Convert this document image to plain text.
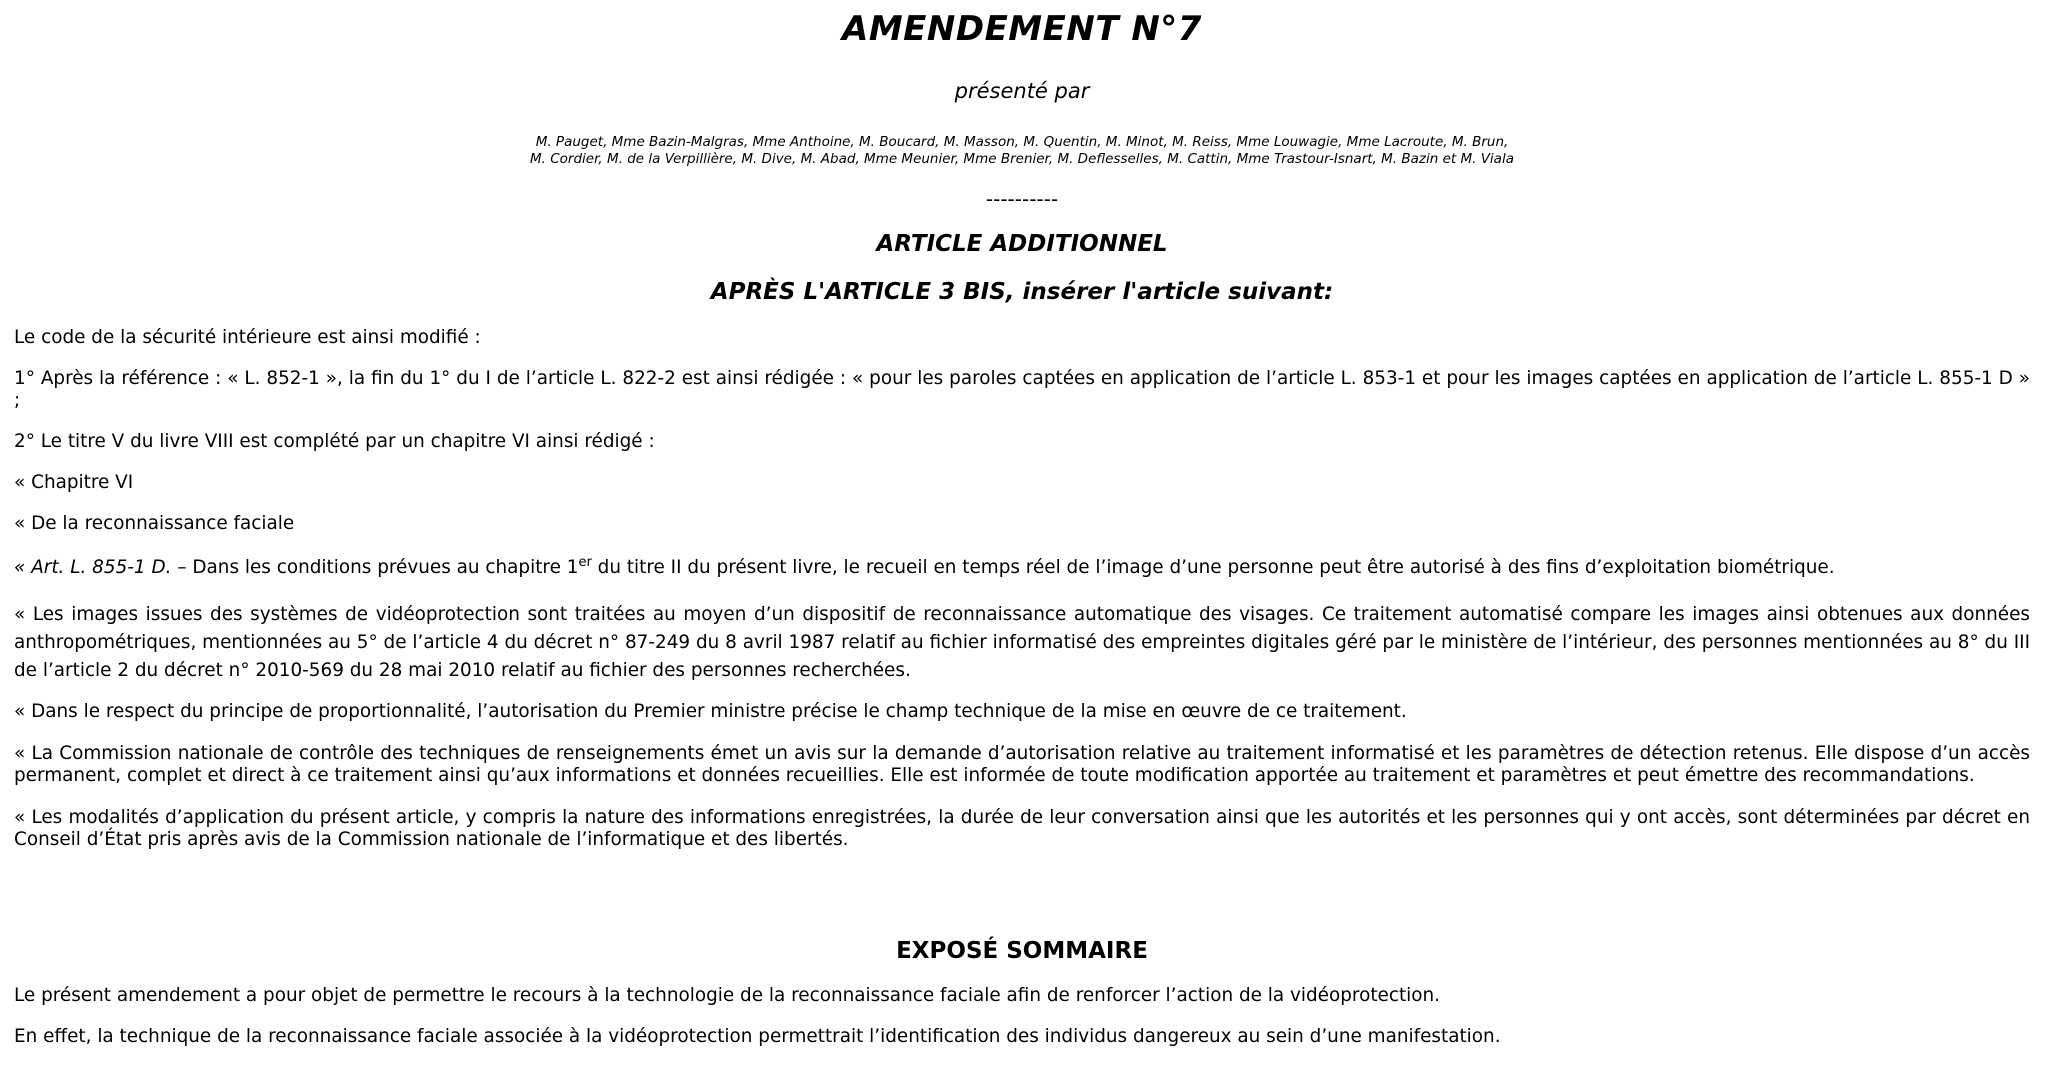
AMENDEMENT N°7

présenté par

M. Pauget, Mme Bazin-Malgras, Mme Anthoine, M. Boucard, M. Masson, M. Quentin, M. Minot, M. Reiss, Mme Louwagie, Mme Lacroute, M. Brun,
M. Cordier, M. de la Verpillière, M. Dive, M. Abad, Mme Meunier, Mme Brenier, M. Deflesselles, M. Cattin, Mme Trastour-Isnart, M. Bazin et M. Viala

----------

ARTICLE ADDITIONNEL
APRÈS L'ARTICLE 3 BIS, insérer l'article suivant:

Le code de la sécurité intérieure est ainsi modifié :

1° Après la référence : « L. 852‑1 », la fin du 1° du I de l’article L. 822‑2 est ainsi rédigée : « pour les paroles captées en application de l’article L. 853‑1 et pour les images captées en application de l’article L. 855‑1 D » ;

2° Le titre V du livre VIII est complété par un chapitre VI ainsi rédigé :

« Chapitre VI

« De la reconnaissance faciale

« Art. L. 855‑1 D. – Dans les conditions prévues au chapitre 1er du titre II du présent livre, le recueil en temps réel de l’image d’une personne peut être autorisé à des fins d’exploitation biométrique.

« Les images issues des systèmes de vidéoprotection sont traitées au moyen d’un dispositif de reconnaissance automatique des visages. Ce traitement automatisé compare les images ainsi obtenues aux données anthropométriques, mentionnées au 5° de l’article 4 du décret n° 87‑249 du 8 avril 1987 relatif au fichier informatisé des empreintes digitales géré par le ministère de l’intérieur, des personnes mentionnées au 8° du III de l’article 2 du décret n° 2010‑569 du 28 mai 2010 relatif au fichier des personnes recherchées.

« Dans le respect du principe de proportionnalité, l’autorisation du Premier ministre précise le champ technique de la mise en œuvre de ce traitement.

« La Commission nationale de contrôle des techniques de renseignements émet un avis sur la demande d’autorisation relative au traitement informatisé et les paramètres de détection retenus. Elle dispose d’un accès permanent, complet et direct à ce traitement ainsi qu’aux informations et données recueillies. Elle est informée de toute modification apportée au traitement et paramètres et peut émettre des recommandations.

« Les modalités d’application du présent article, y compris la nature des informations enregistrées, la durée de leur conversation ainsi que les autorités et les personnes qui y ont accès, sont déterminées par décret en Conseil d’État pris après avis de la Commission nationale de l’informatique et des libertés.

EXPOSÉ SOMMAIRE

Le présent amendement a pour objet de permettre le recours à la technologie de la reconnaissance faciale afin de renforcer l’action de la vidéoprotection.

En effet, la technique de la reconnaissance faciale associée à la vidéoprotection permettrait l’identification des individus dangereux au sein d’une manifestation.
